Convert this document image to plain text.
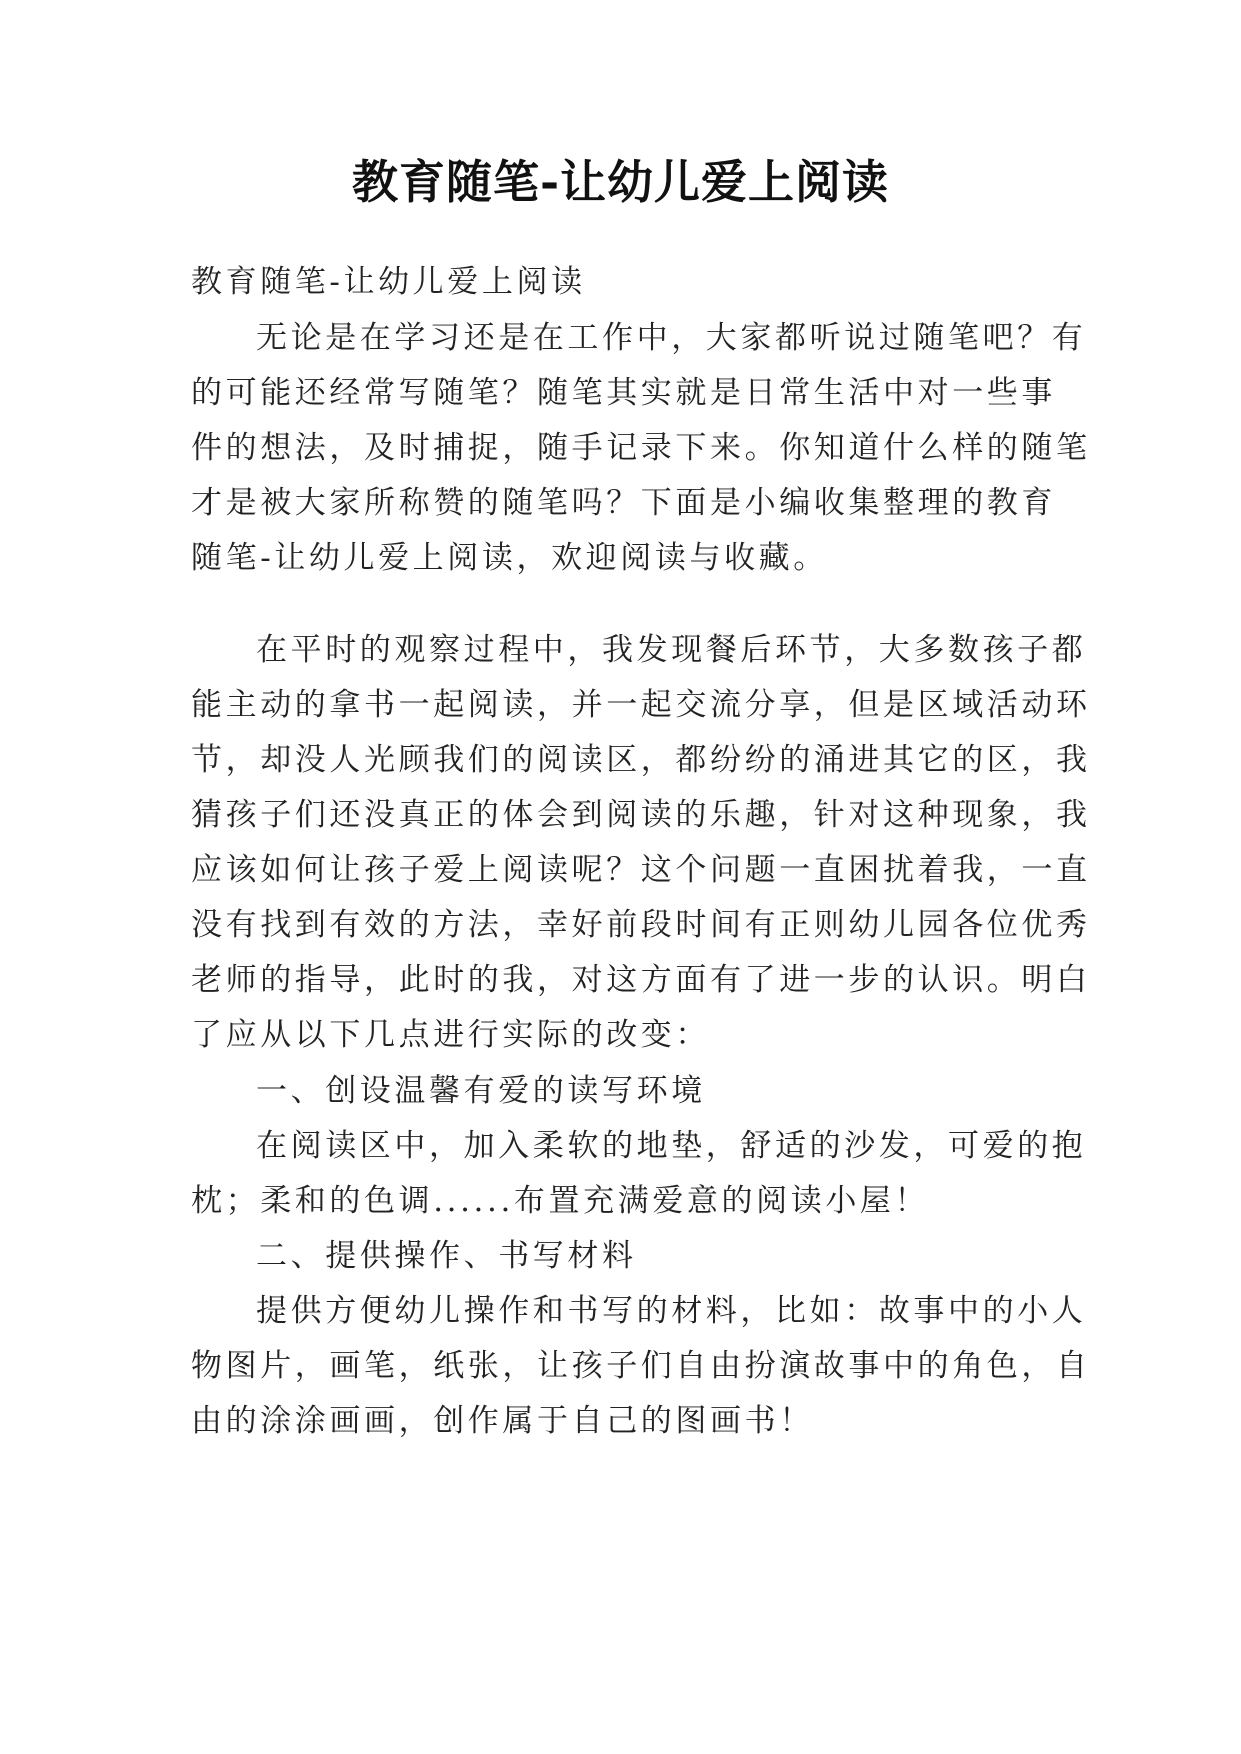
教育随笔-让幼儿爱上阅读
教育随笔-让幼儿爱上阅读
无论是在学习还是在工作中，大家都听说过随笔吧？有
的可能还经常写随笔？随笔其实就是日常生活中对一些事
件的想法，及时捕捉，随手记录下来。你知道什么样的随笔
才是被大家所称赞的随笔吗？下面是小编收集整理的教育
随笔-让幼儿爱上阅读，欢迎阅读与收藏。
在平时的观察过程中，我发现餐后环节，大多数孩子都
能主动的拿书一起阅读，并一起交流分享，但是区域活动环
节，却没人光顾我们的阅读区，都纷纷的涌进其它的区，我
猜孩子们还没真正的体会到阅读的乐趣，针对这种现象，我
应该如何让孩子爱上阅读呢？这个问题一直困扰着我，一直
没有找到有效的方法，幸好前段时间有正则幼儿园各位优秀
老师的指导，此时的我，对这方面有了进一步的认识。明白
了应从以下几点进行实际的改变：
一、创设温馨有爱的读写环境
在阅读区中，加入柔软的地垫，舒适的沙发，可爱的抱
枕；柔和的色调......布置充满爱意的阅读小屋！
二、提供操作、书写材料
提供方便幼儿操作和书写的材料，比如：故事中的小人
物图片，画笔，纸张，让孩子们自由扮演故事中的角色，自
由的涂涂画画，创作属于自己的图画书！
